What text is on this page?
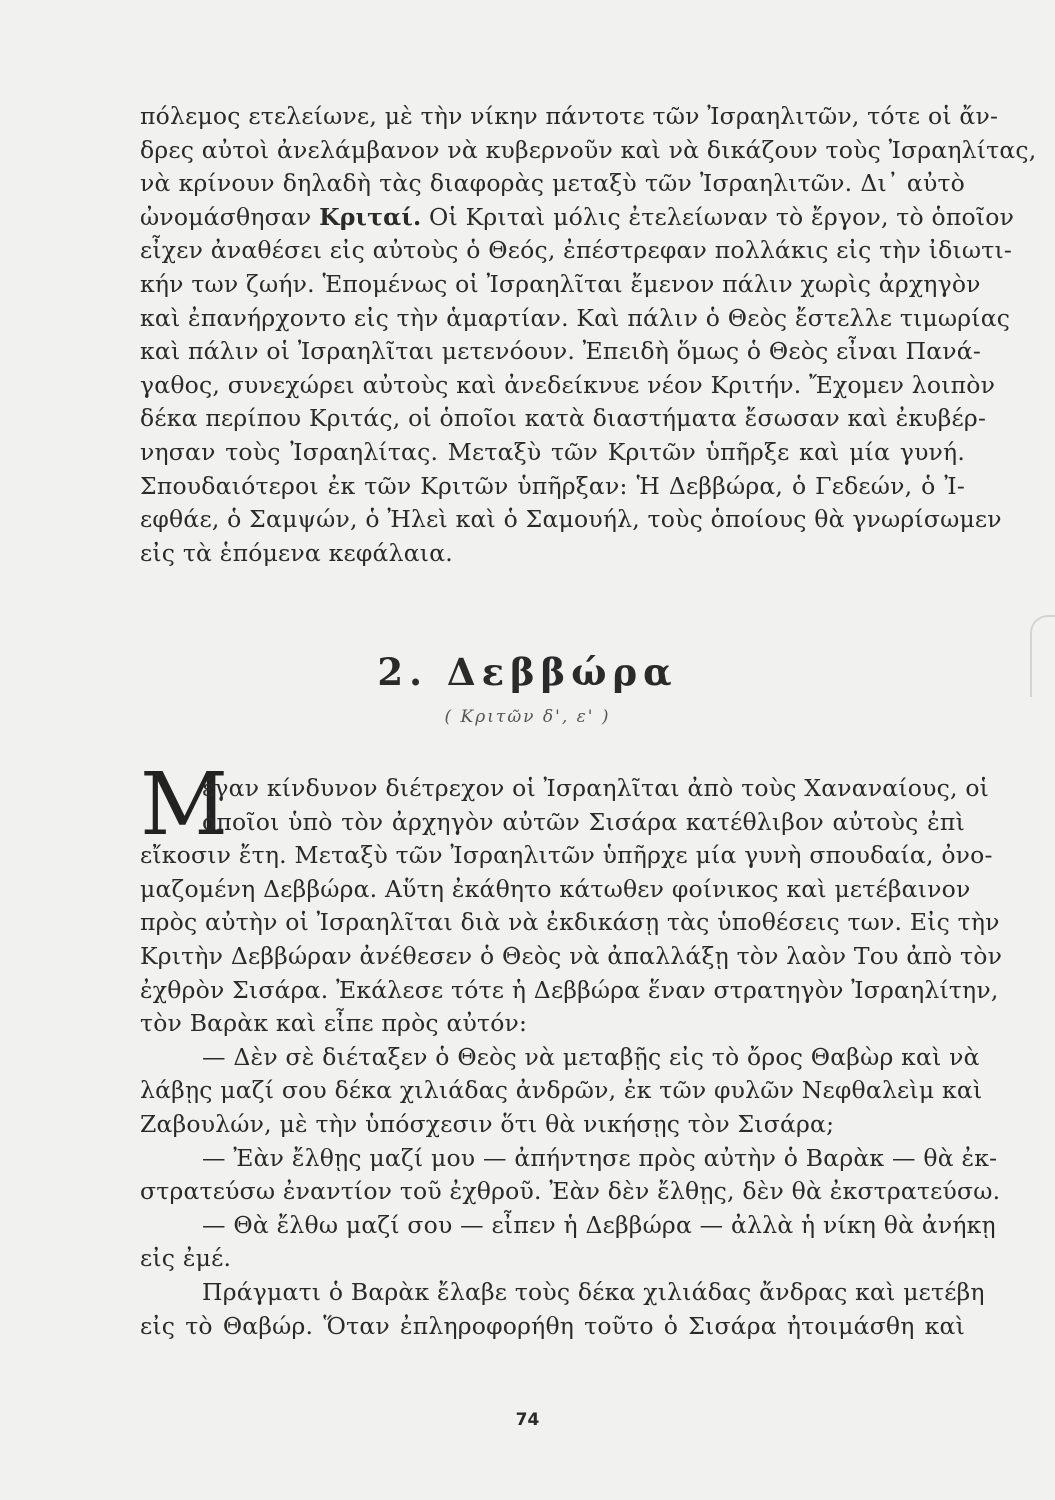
πόλεμος ετελείωνε, μὲ τὴν νίκην πάντοτε τῶν Ἰσραηλιτῶν, τότε οἱ ἄν-
δρες αὐτοὶ ἀνελάμβανον νὰ κυβερνοῦν καὶ νὰ δικάζουν τοὺς Ἰσραηλίτας,
νὰ κρίνουν δηλαδὴ τὰς διαφορὰς μεταξὺ τῶν Ἰσραηλιτῶν. Δι᾽ αὐτὸ
ὠνομάσθησαν Κριταί. Οἱ Κριταὶ μόλις ἐτελείωναν τὸ ἔργον, τὸ ὁποῖον
εἶχεν ἀναθέσει εἰς αὐτοὺς ὁ Θεός, ἐπέστρεφαν πολλάκις εἰς τὴν ἰδιωτι-
κήν των ζωήν. Ἑπομένως οἱ Ἰσραηλῖται ἔμενον πάλιν χωρὶς ἀρχηγὸν
καὶ ἐπανήρχοντο εἰς τὴν ἁμαρτίαν. Καὶ πάλιν ὁ Θεὸς ἔστελλε τιμωρίας
καὶ πάλιν οἱ Ἰσραηλῖται μετενόουν. Ἐπειδὴ ὅμως ὁ Θεὸς εἶναι Πανά-
γαθος, συνεχώρει αὐτοὺς καὶ ἀνεδείκνυε νέον Κριτήν. Ἔχομεν λοιπὸν
δέκα περίπου Κριτάς, οἱ ὁποῖοι κατὰ διαστήματα ἔσωσαν καὶ ἐκυβέρ-
νησαν τοὺς Ἰσραηλίτας. Μεταξὺ τῶν Κριτῶν ὑπῆρξε καὶ μία γυνή.
Σπουδαιότεροι ἐκ τῶν Κριτῶν ὑπῆρξαν: Ἡ Δεββώρα, ὁ Γεδεών, ὁ Ἰ-
εφθάε, ὁ Σαμψών, ὁ Ἠλεὶ καὶ ὁ Σαμουήλ, τοὺς ὁποίους θὰ γνωρίσωμεν
εἰς τὰ ἑπόμενα κεφάλαια.
2. Δεββώρα
( Κριτῶν δ', ε' )
Μ
έγαν κίνδυνον διέτρεχον οἱ Ἰσραηλῖται ἀπὸ τοὺς Χαναναίους, οἱ
ὁποῖοι ὑπὸ τὸν ἀρχηγὸν αὐτῶν Σισάρα κατέθλιβον αὐτοὺς ἐπὶ
εἴκοσιν ἔτη. Μεταξὺ τῶν Ἰσραηλιτῶν ὑπῆρχε μία γυνὴ σπουδαία, ὀνο-
μαζομένη Δεββώρα. Αὕτη ἐκάθητο κάτωθεν φοίνικος καὶ μετέβαινον
πρὸς αὐτὴν οἱ Ἰσραηλῖται διὰ νὰ ἐκδικάσῃ τὰς ὑποθέσεις των. Εἰς τὴν
Κριτὴν Δεββώραν ἀνέθεσεν ὁ Θεὸς νὰ ἀπαλλάξῃ τὸν λαὸν Του ἀπὸ τὸν
ἐχθρὸν Σισάρα. Ἐκάλεσε τότε ἡ Δεββώρα ἕναν στρατηγὸν Ἰσραηλίτην,
τὸν Βαρὰκ καὶ εἶπε πρὸς αὐτόν:
— Δὲν σὲ διέταξεν ὁ Θεὸς νὰ μεταβῇς εἰς τὸ ὄρος Θαβὼρ καὶ νὰ
λάβῃς μαζί σου δέκα χιλιάδας ἀνδρῶν, ἐκ τῶν φυλῶν Νεφθαλεὶμ καὶ
Ζαβουλών, μὲ τὴν ὑπόσχεσιν ὅτι θὰ νικήσῃς τὸν Σισάρα;
— Ἐὰν ἔλθῃς μαζί μου — ἀπήντησε πρὸς αὐτὴν ὁ Βαρὰκ — θὰ ἐκ-
στρατεύσω ἐναντίον τοῦ ἐχθροῦ. Ἐὰν δὲν ἔλθῃς, δὲν θὰ ἐκστρατεύσω.
— Θὰ ἔλθω μαζί σου — εἶπεν ἡ Δεββώρα — ἀλλὰ ἡ νίκη θὰ ἀνήκῃ
εἰς ἐμέ.
Πράγματι ὁ Βαρὰκ ἔλαβε τοὺς δέκα χιλιάδας ἄνδρας καὶ μετέβη
εἰς τὸ Θαβώρ. Ὅταν ἐπληροφορήθη τοῦτο ὁ Σισάρα ἠτοιμάσθη καὶ
74
